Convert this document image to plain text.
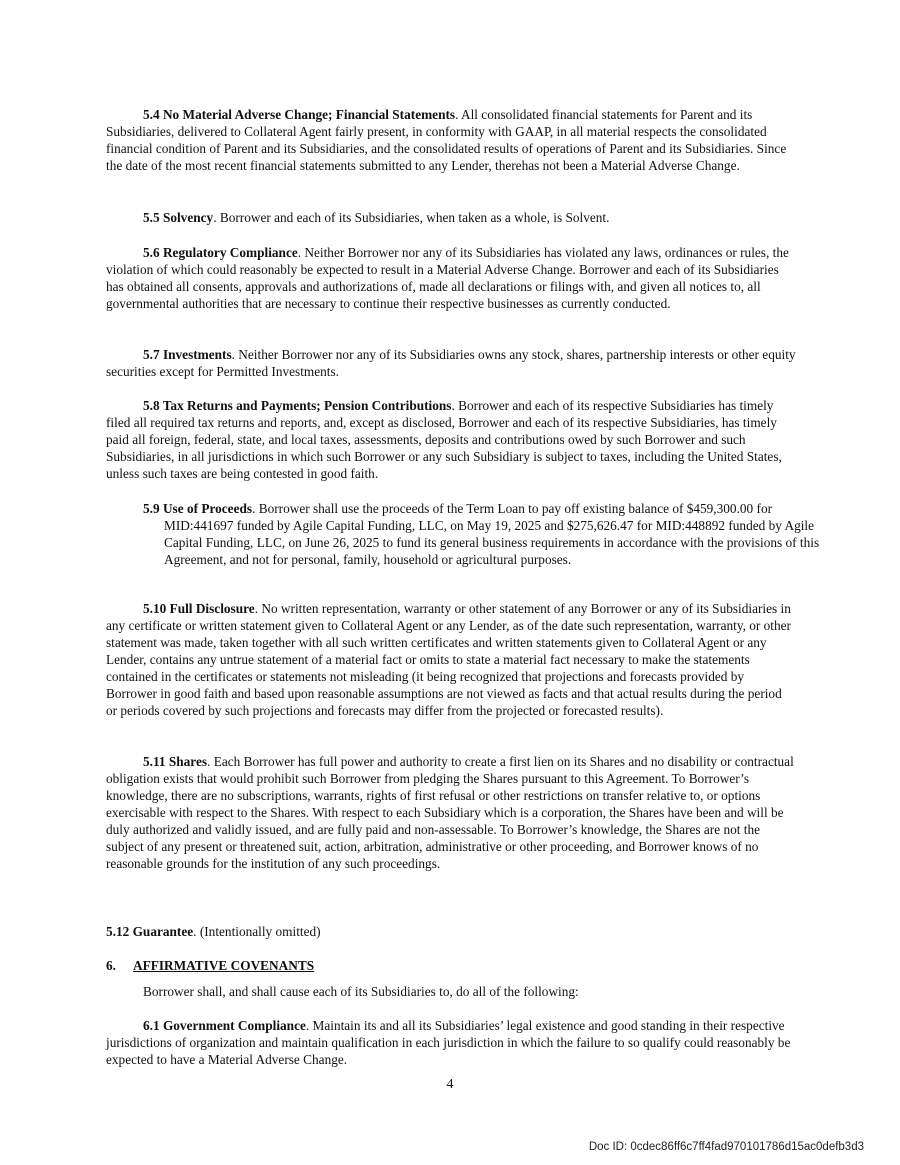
5.4 No Material Adverse Change; Financial Statements. All consolidated financial statements for Parent and its Subsidiaries, delivered to Collateral Agent fairly present, in conformity with GAAP, in all material respects the consolidated financial condition of Parent and its Subsidiaries, and the consolidated results of operations of Parent and its Subsidiaries. Since the date of the most recent financial statements submitted to any Lender, therehas not been a Material Adverse Change.

5.5 Solvency. Borrower and each of its Subsidiaries, when taken as a whole, is Solvent.

5.6 Regulatory Compliance. Neither Borrower nor any of its Subsidiaries has violated any laws, ordinances or rules, the violation of which could reasonably be expected to result in a Material Adverse Change. Borrower and each of its Subsidiaries has obtained all consents, approvals and authorizations of, made all declarations or filings with, and given all notices to, all governmental authorities that are necessary to continue their respective businesses as currently conducted.

5.7 Investments. Neither Borrower nor any of its Subsidiaries owns any stock, shares, partnership interests or other equity securities except for Permitted Investments.

5.8 Tax Returns and Payments; Pension Contributions. Borrower and each of its respective Subsidiaries has timely filed all required tax returns and reports, and, except as disclosed, Borrower and each of its respective Subsidiaries, has timely paid all foreign, federal, state, and local taxes, assessments, deposits and contributions owed by such Borrower and such Subsidiaries, in all jurisdictions in which such Borrower or any such Subsidiary is subject to taxes, including the United States, unless such taxes are being contested in good faith.

5.9 Use of Proceeds. Borrower shall use the proceeds of the Term Loan to pay off existing balance of $459,300.00 for MID:441697 funded by Agile Capital Funding, LLC, on May 19, 2025 and $275,626.47 for MID:448892 funded by Agile Capital Funding, LLC, on June 26, 2025 to fund its general business requirements in accordance with the provisions of this Agreement, and not for personal, family, household or agricultural purposes.

5.10 Full Disclosure. No written representation, warranty or other statement of any Borrower or any of its Subsidiaries in any certificate or written statement given to Collateral Agent or any Lender, as of the date such representation, warranty, or other statement was made, taken together with all such written certificates and written statements given to Collateral Agent or any Lender, contains any untrue statement of a material fact or omits to state a material fact necessary to make the statements contained in the certificates or statements not misleading (it being recognized that projections and forecasts provided by Borrower in good faith and based upon reasonable assumptions are not viewed as facts and that actual results during the period or periods covered by such projections and forecasts may differ from the projected or forecasted results).

5.11 Shares. Each Borrower has full power and authority to create a first lien on its Shares and no disability or contractual obligation exists that would prohibit such Borrower from pledging the Shares pursuant to this Agreement. To Borrower’s knowledge, there are no subscriptions, warrants, rights of first refusal or other restrictions on transfer relative to, or options exercisable with respect to the Shares. With respect to each Subsidiary which is a corporation, the Shares have been and will be duly authorized and validly issued, and are fully paid and non-assessable. To Borrower’s knowledge, the Shares are not the subject of any present or threatened suit, action, arbitration, administrative or other proceeding, and Borrower knows of no reasonable grounds for the institution of any such proceedings.

5.12 Guarantee. (Intentionally omitted)

6. AFFIRMATIVE COVENANTS

Borrower shall, and shall cause each of its Subsidiaries to, do all of the following:

6.1 Government Compliance. Maintain its and all its Subsidiaries’ legal existence and good standing in their respective jurisdictions of organization and maintain qualification in each jurisdiction in which the failure to so qualify could reasonably be expected to have a Material Adverse Change.

4
Doc ID: 0cdec86ff6c7ff4fad970101786d15ac0defb3d3
